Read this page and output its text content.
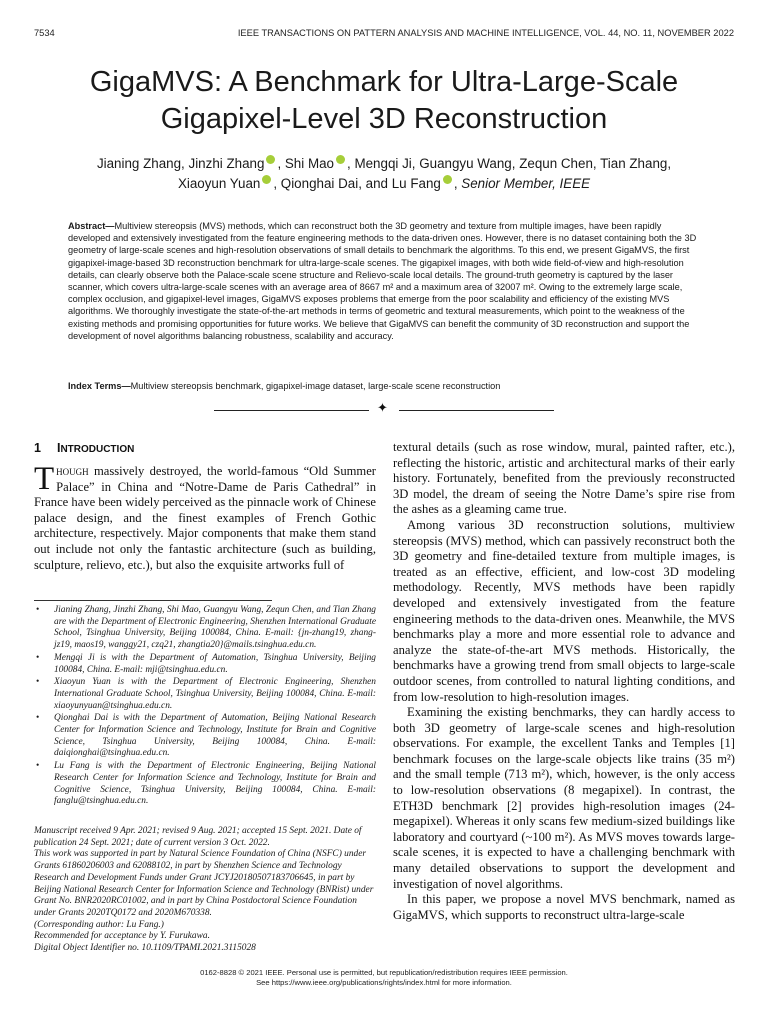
7534	IEEE TRANSACTIONS ON PATTERN ANALYSIS AND MACHINE INTELLIGENCE, VOL. 44, NO. 11, NOVEMBER 2022
GigaMVS: A Benchmark for Ultra-Large-Scale
Gigapixel-Level 3D Reconstruction
Jianing Zhang, Jinzhi Zhang , Shi Mao , Mengqi Ji, Guangyu Wang, Zequn Chen, Tian Zhang,
Xiaoyun Yuan , Qionghai Dai, and Lu Fang , Senior Member, IEEE
Abstract—Multiview stereopsis (MVS) methods, which can reconstruct both the 3D geometry and texture from multiple images, have been rapidly developed and extensively investigated from the feature engineering methods to the data-driven ones. However, there is no dataset containing both the 3D geometry of large-scale scenes and high-resolution observations of small details to benchmark the algorithms. To this end, we present GigaMVS, the first gigapixel-image-based 3D reconstruction benchmark for ultra-large-scale scenes. The gigapixel images, with both wide field-of-view and high-resolution details, can clearly observe both the Palace-scale scene structure and Relievo-scale local details. The ground-truth geometry is captured by the laser scanner, which covers ultra-large-scale scenes with an average area of 8667 m² and a maximum area of 32007 m². Owing to the extremely large scale, complex occlusion, and gigapixel-level images, GigaMVS exposes problems that emerge from the poor scalability and efficiency of the existing MVS algorithms. We thoroughly investigate the state-of-the-art methods in terms of geometric and textural measurements, which point to the weakness of the existing methods and promising opportunities for future works. We believe that GigaMVS can benefit the community of 3D reconstruction and support the development of novel algorithms balancing robustness, scalability and accuracy.
Index Terms—Multiview stereopsis benchmark, gigapixel-image dataset, large-scale scene reconstruction
✦
1 INTRODUCTION

Though massively destroyed, the world-famous “Old Summer Palace” in China and “Notre-Dame de Paris Cathedral” in France have been widely perceived as the pinnacle work of Chinese palace design, and the finest examples of French Gothic architecture, respectively. Major components that make them stand out include not only the fantastic architecture (such as building, sculpture, relievo, etc.), but also the exquisite artworks full of

• Jianing Zhang, Jinzhi Zhang, Shi Mao, Guangyu Wang, Zequn Chen, and Tian Zhang are with the Department of Electronic Engineering, Shenzhen International Graduate School, Tsinghua University, Beijing 100084, China. E-mail: {jn-zhang19, zhang-jz19, maos19, wanggy21, czq21, zhangtia20}@mails.tsinghua.edu.cn.
• Mengqi Ji is with the Department of Automation, Tsinghua University, Beijing 100084, China. E-mail: mji@tsinghua.edu.cn.
• Xiaoyun Yuan is with the Department of Electronic Engineering, Shenzhen International Graduate School, Tsinghua University, Beijing 100084, China. E-mail: xiaoyunyuan@tsinghua.edu.cn.
• Qionghai Dai is with the Department of Automation, Beijing National Research Center for Information Science and Technology, Institute for Brain and Cognitive Science, Tsinghua University, Beijing 100084, China. E-mail: daiqionghai@tsinghua.edu.cn.
• Lu Fang is with the Department of Electronic Engineering, Beijing National Research Center for Information Science and Technology, Institute for Brain and Cognitive Science, Tsinghua University, Beijing 100084, China. E-mail: fanglu@tsinghua.edu.cn.
Manuscript received 9 Apr. 2021; revised 9 Aug. 2021; accepted 15 Sept. 2021. Date of publication 24 Sept. 2021; date of current version 3 Oct. 2022.
This work was supported in part by Natural Science Foundation of China (NSFC) under Grants 61860206003 and 62088102, in part by Shenzhen Science and Technology Research and Development Funds under Grant JCYJ20180507183706645, in part by Beijing National Research Center for Information Science and Technology (BNRist) under Grant No. BNR2020RC01002, and in part by China Postdoctoral Science Foundation under Grants 2020TQ0172 and 2020M670338.
(Corresponding author: Lu Fang.)
Recommended for acceptance by Y. Furukawa.
Digital Object Identifier no. 10.1109/TPAMI.2021.3115028

textural details (such as rose window, mural, painted rafter, etc.), reflecting the historic, artistic and architectural marks of their early history. Fortunately, benefited from the previously reconstructed 3D model, the dream of seeing the Notre Dame’s spire rise from the ashes as a gleaming came true.

Among various 3D reconstruction solutions, multiview stereopsis (MVS) method, which can passively reconstruct both the 3D geometry and fine-detailed texture from multiple images, is treated as an effective, efficient, and low-cost 3D modeling methodology. Recently, MVS methods have been rapidly developed and extensively investigated from the feature engineering methods to the data-driven ones. Meanwhile, the MVS benchmarks play a more and more essential role to advance and analyze the state-of-the-art MVS methods. Historically, the benchmarks have a growing trend from small objects to large-scale outdoor scenes, from controlled to natural lighting conditions, and from low-resolution to high-resolution images.

Examining the existing benchmarks, they can hardly access to both 3D geometry of large-scale scenes and high-resolution observations. For example, the excellent Tanks and Temples [1] benchmark focuses on the large-scale objects like trains (35 m²) and the small temple (713 m²), which, however, is the only access to low-resolution observations (8 megapixel). In contrast, the ETH3D benchmark [2] provides high-resolution images (24-megapixel). Whereas it only scans few medium-sized buildings like laboratory and courtyard (~100 m²). As MVS moves towards large-scale scenes, it is expected to have a challenging benchmark with many detailed observations to support the development and investigation of novel algorithms.

In this paper, we propose a novel MVS benchmark, named as GigaMVS, which supports to reconstruct ultra-large-scale

0162-8828 © 2021 IEEE. Personal use is permitted, but republication/redistribution requires IEEE permission.
See https://www.ieee.org/publications/rights/index.html for more information.
